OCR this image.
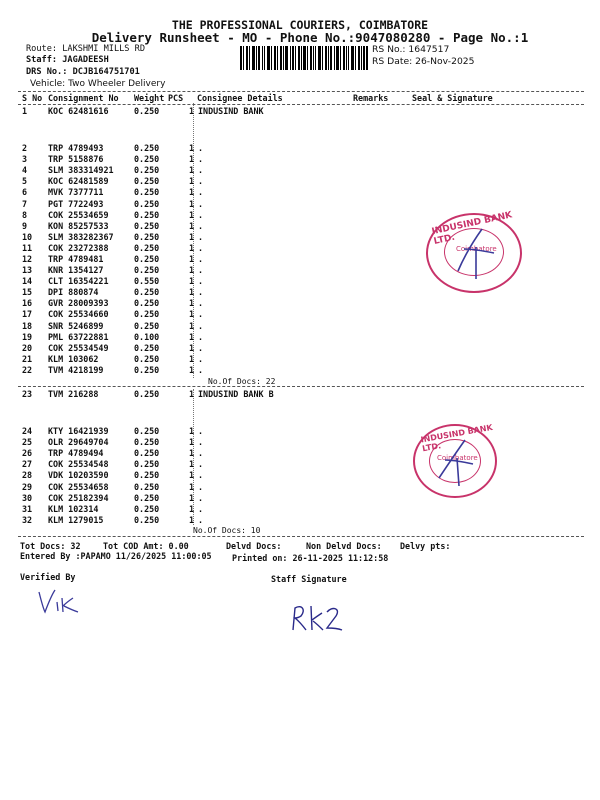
THE PROFESSIONAL COURIERS, COIMBATORE
Delivery Runsheet - MO - Phone No.:9047080280 - Page No.:1
Route: LAKSHMI MILLS RD
Staff: JAGADEESH
DRS No.: DCJB164751701
Vehicle: Two Wheeler Delivery
RS No.: 1647517
RS Date: 26-Nov-2025
S No Consignment No Weight PCS Consignee Details	Remarks	Seal & Signature
1	KOC 62481616	0.250	1	INDUSIND BANK
2	TRP 4789493	0.250	1	.
3	TRP 5158876	0.250	1	.
4	SLM 383314921	0.250	1	.
5	KOC 62481589	0.250	1	.
6	MVK 7377711	0.250	1	.
7	PGT 7722493	0.250	1	.
8	COK 25534659	0.250	1	.
9	KON 85257533	0.250	1	.
10	SLM 383282367	0.250	1	.
11	COK 23272388	0.250	1	.
12	TRP 4789481	0.250	1	.
13	KNR 1354127	0.250	1	.
14	CLT 16354221	0.550	1	.
15	DPI 880874	0.250	1	.
16	GVR 28009393	0.250	1	.
17	COK 25534660	0.250	1	.
18	SNR 5246899	0.250	1	.
19	PML 63722881	0.100	1	.
20	COK 25534549	0.250	1	.
21	KLM 103062	0.250	1	.
22	TVM 4218199	0.250	1	.
No.Of Docs: 22
23	TVM 216288	0.250	1	INDUSIND BANK B
24	KTY 16421939	0.250	1	.
25	OLR 29649704	0.250	1	.
26	TRP 4789494	0.250	1	.
27	COK 25534548	0.250	1	.
28	VDK 10203590	0.250	1	.
29	COK 25534658	0.250	1	.
30	COK 25182394	0.250	1	.
31	KLM 102314	0.250	1	.
32	KLM 1279015	0.250	1	.
No.Of Docs: 10
Tot Docs: 32	Tot COD Amt: 0.00	Delvd Docs:	Non Delvd Docs: Delvy pts:
Entered By :PAPAMO 11/26/2025 11:00:05 Printed on: 26-11-2025 11:12:58
Verified By	Staff Signature
INDUSIND BANK LTD.
Coimbatore
INDUSIND BANK LTD.
Coimbatore
